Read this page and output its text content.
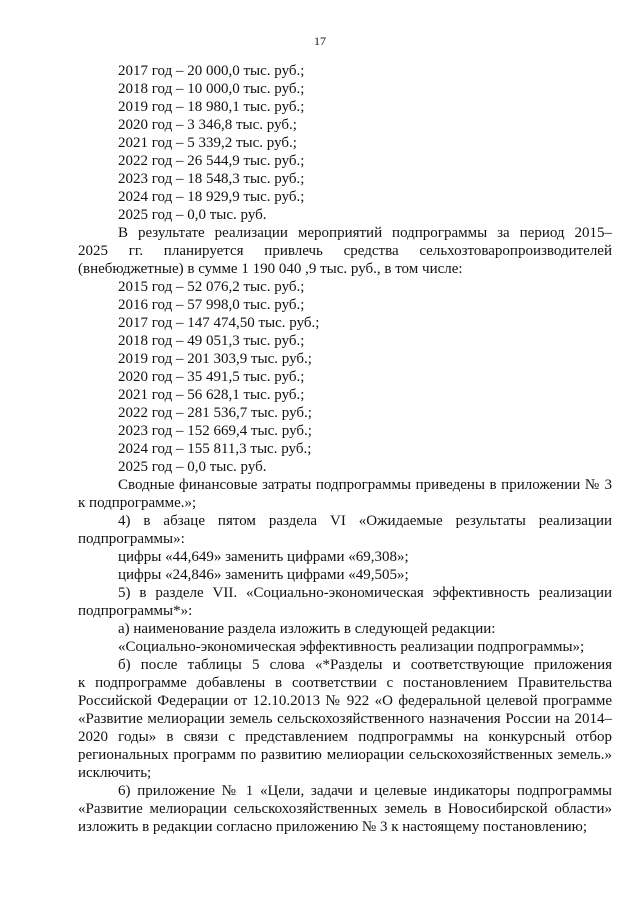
17
2017 год – 20 000,0 тыс. руб.;
2018 год – 10 000,0 тыс. руб.;
2019 год – 18 980,1 тыс. руб.;
2020 год – 3 346,8 тыс. руб.;
2021 год – 5 339,2 тыс. руб.;
2022 год – 26 544,9 тыс. руб.;
2023 год – 18 548,3 тыс. руб.;
2024 год – 18 929,9 тыс. руб.;
2025 год – 0,0 тыс. руб.
В результате реализации мероприятий подпрограммы за период 2015–
2025 гг. планируется привлечь средства сельхозтоваропроизводителей
(внебюджетные) в сумме 1 190 040 ,9 тыс. руб., в том числе:
2015 год – 52 076,2 тыс. руб.;
2016 год – 57 998,0 тыс. руб.;
2017 год – 147 474,50 тыс. руб.;
2018 год – 49 051,3 тыс. руб.;
2019 год – 201 303,9 тыс. руб.;
2020 год – 35 491,5 тыс. руб.;
2021 год – 56 628,1 тыс. руб.;
2022 год – 281 536,7 тыс. руб.;
2023 год – 152 669,4 тыс. руб.;
2024 год – 155 811,3 тыс. руб.;
2025 год – 0,0 тыс. руб.
Сводные финансовые затраты подпрограммы приведены в приложении № 3
к подпрограмме.»;
4) в абзаце пятом раздела VI «Ожидаемые результаты реализации
подпрограммы»:
цифры «44,649» заменить цифрами «69,308»;
цифры «24,846» заменить цифрами «49,505»;
5) в разделе VII. «Социально-экономическая эффективность реализации
подпрограммы*»:
а) наименование раздела изложить в следующей редакции:
«Социально-экономическая эффективность реализации подпрограммы»;
б) после таблицы 5 слова «*Разделы и соответствующие приложения
к подпрограмме добавлены в соответствии с постановлением Правительства
Российской Федерации от 12.10.2013 № 922 «О федеральной целевой программе
«Развитие мелиорации земель сельскохозяйственного назначения России на 2014–
2020 годы» в связи с представлением подпрограммы на конкурсный отбор
региональных программ по развитию мелиорации сельскохозяйственных земель.»
исключить;
6) приложение № 1 «Цели, задачи и целевые индикаторы подпрограммы
«Развитие мелиорации сельскохозяйственных земель в Новосибирской области»
изложить в редакции согласно приложению № 3 к настоящему постановлению;
